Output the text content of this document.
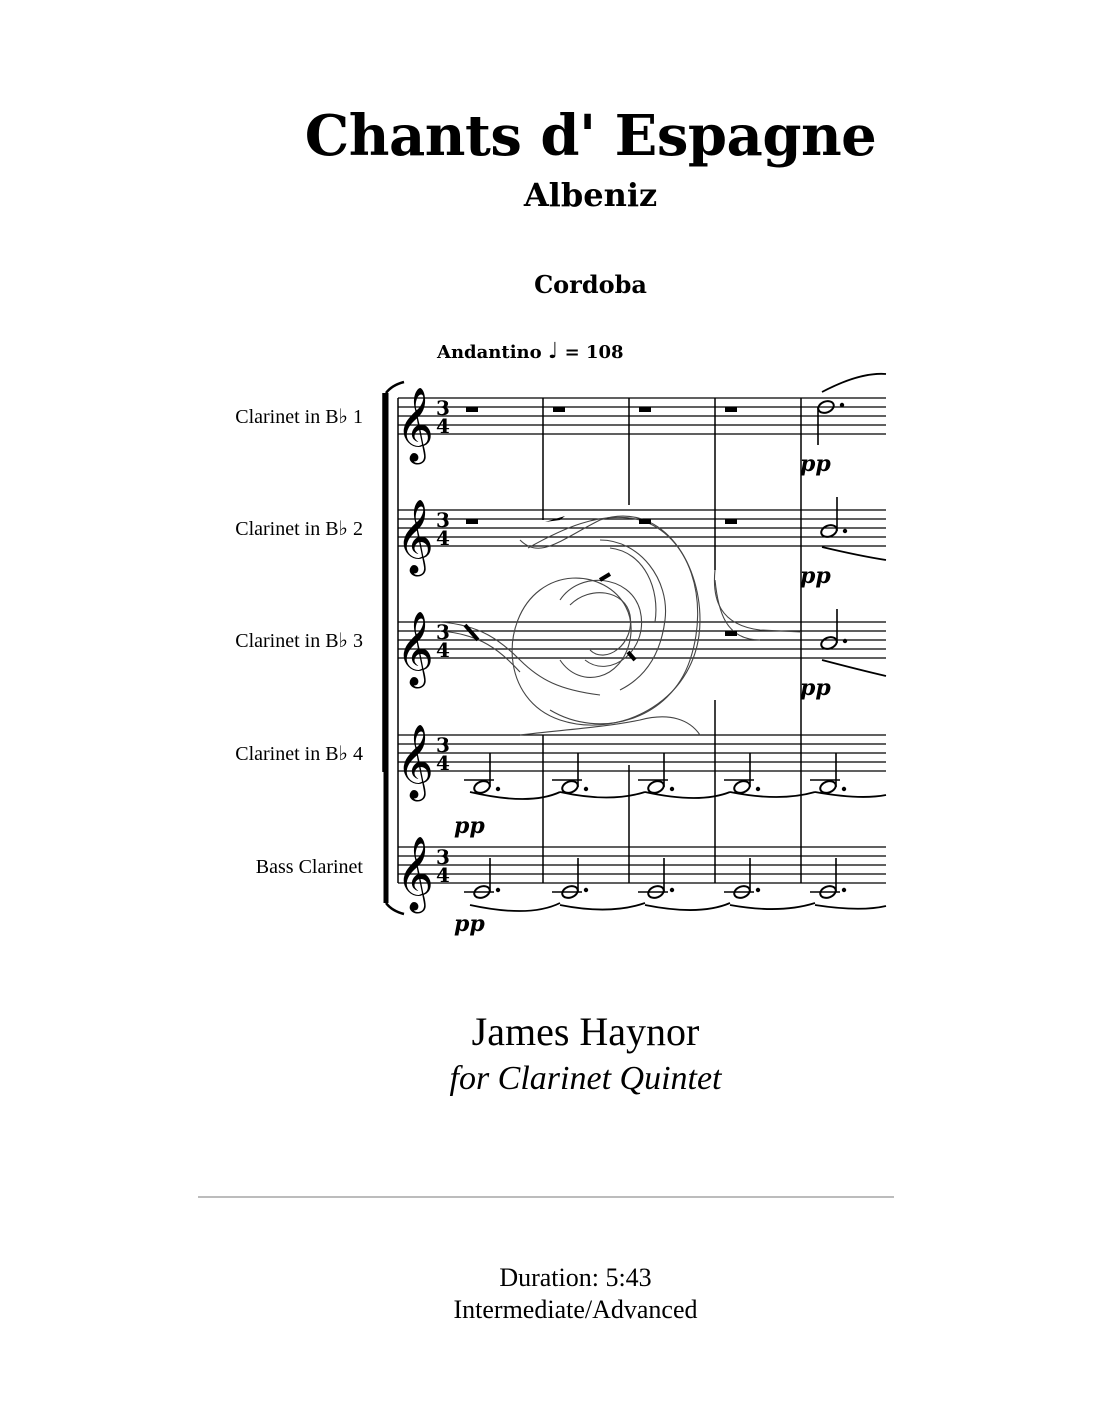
Chants d' Espagne
Albeniz
Cordoba
Andantino ♩ = 108
Clarinet in B♭ 1
Clarinet in B♭ 2
Clarinet in B♭ 3
Clarinet in B♭ 4
Bass Clarinet
𝄞
𝄞
𝄞
𝄞
𝄞
3
4
3
4
3
4
3
4
3
4
pp
pp
pp
pp
pp
James Haynor
for Clarinet Quintet
Duration: 5:43
Intermediate/Advanced
